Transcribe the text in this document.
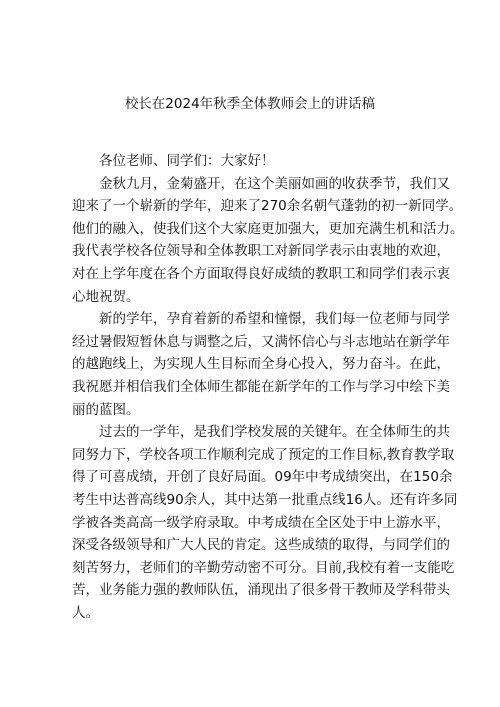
校长在2024年秋季全体教师会上的讲话稿
各位老师、同学们：大家好！
金秋九月，金菊盛开，在这个美丽如画的收获季节，我们又
迎来了一个崭新的学年，迎来了270余名朝气蓬勃的初一新同学。
他们的融入，使我们这个大家庭更加强大，更加充满生机和活力。
我代表学校各位领导和全体教职工对新同学表示由衷地的欢迎，
对在上学年度在各个方面取得良好成绩的教职工和同学们表示衷
心地祝贺。
新的学年，孕育着新的希望和憧憬，我们每一位老师与同学
经过暑假短暂休息与调整之后，又满怀信心与斗志地站在新学年
的越跑线上，为实现人生目标而全身心投入，努力奋斗。在此，
我祝愿并相信我们全体师生都能在新学年的工作与学习中绘下美
丽的蓝图。
过去的一学年，是我们学校发展的关键年。在全体师生的共
同努力下，学校各项工作顺利完成了预定的工作目标,教育教学取
得了可喜成绩，开创了良好局面。09年中考成绩突出，在150余
考生中达普高线90余人，其中达第一批重点线16人。还有许多同
学被各类高高一级学府录取。中考成绩在全区处于中上游水平，
深受各级领导和广大人民的肯定。这些成绩的取得，与同学们的
刻苦努力，老师们的辛勤劳动密不可分。目前,我校有着一支能吃
苦，业务能力强的教师队伍，涌现出了很多骨干教师及学科带头
人。
